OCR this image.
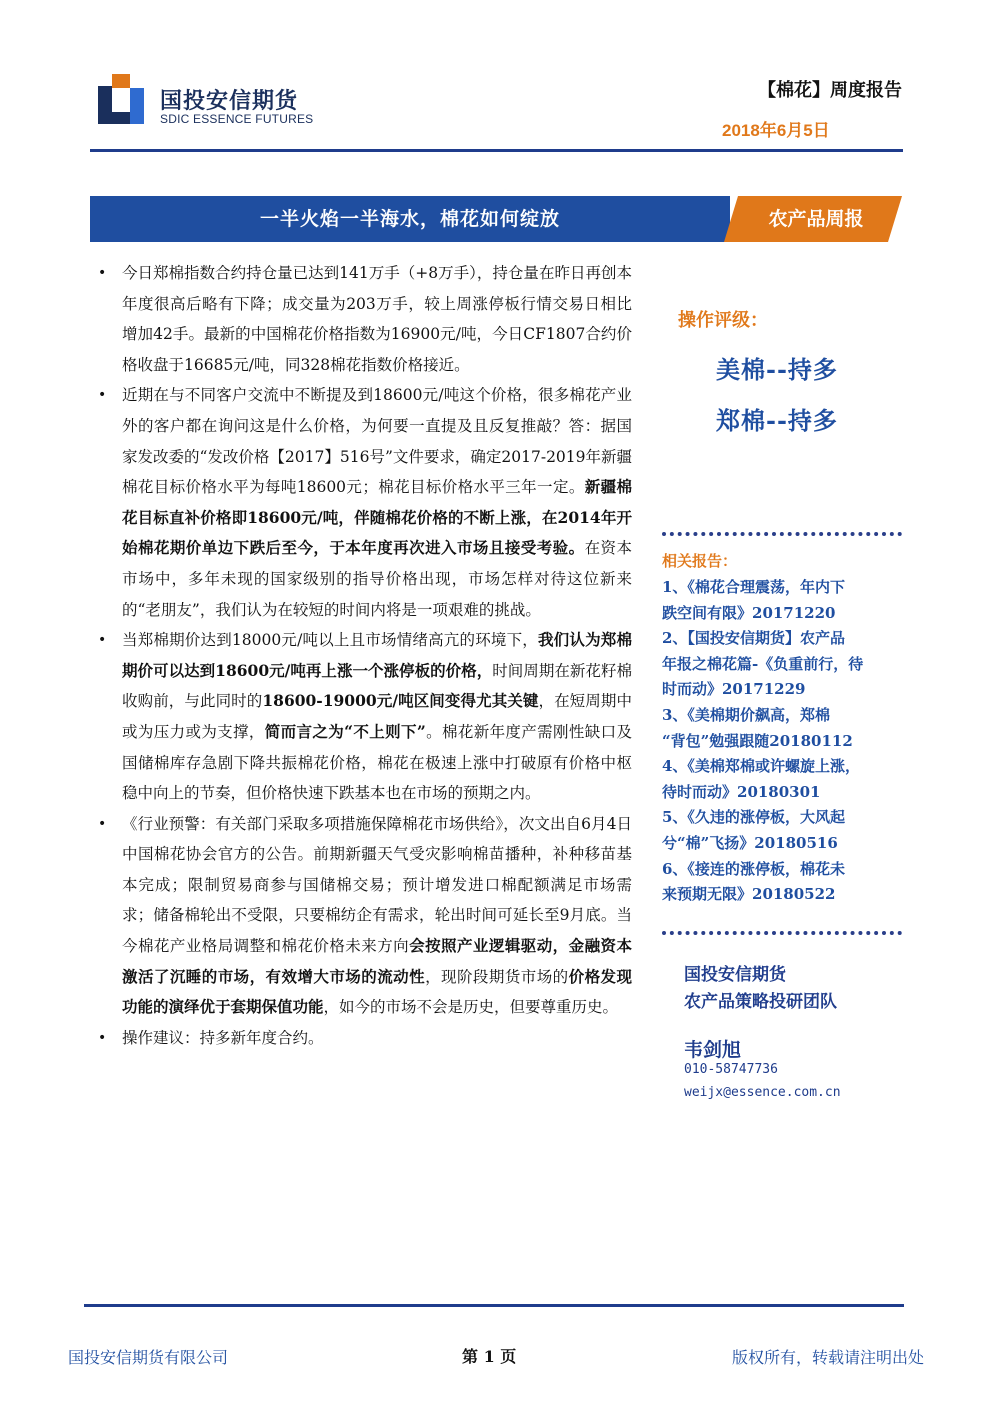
国投安信期货
SDIC ESSENCE FUTURES
【棉花】周度报告
2018年6月5日
一半火焰一半海水，棉花如何绽放	农产品周报
• 今日郑棉指数合约持仓量已达到141万手（+8万手），持仓量在昨日再创本年度很高后略有下降；成交量为203万手，较上周涨停板行情交易日相比增加42手。最新的中国棉花价格指数为16900元/吨，今日CF1807合约价格收盘于16685元/吨，同328棉花指数价格接近。
• 近期在与不同客户交流中不断提及到18600元/吨这个价格，很多棉花产业外的客户都在询问这是什么价格，为何要一直提及且反复推敲？答：据国家发改委的“发改价格【2017】516号”文件要求，确定2017-2019年新疆棉花目标价格水平为每吨18600元；棉花目标价格水平三年一定。新疆棉花目标直补价格即18600元/吨，伴随棉花价格的不断上涨，在2014年开始棉花期价单边下跌后至今，于本年度再次进入市场且接受考验。在资本市场中，多年未现的国家级别的指导价格出现，市场怎样对待这位新来的“老朋友”，我们认为在较短的时间内将是一项艰难的挑战。
• 当郑棉期价达到18000元/吨以上且市场情绪高亢的环境下，我们认为郑棉期价可以达到18600元/吨再上涨一个涨停板的价格，时间周期在新花籽棉收购前，与此同时的18600-19000元/吨区间变得尤其关键，在短周期中或为压力或为支撑，简而言之为“不上则下”。棉花新年度产需刚性缺口及国储棉库存急剧下降共振棉花价格，棉花在极速上涨中打破原有价格中枢稳中向上的节奏，但价格快速下跌基本也在市场的预期之内。
• 《行业预警：有关部门采取多项措施保障棉花市场供给》，次文出自6月4日中国棉花协会官方的公告。前期新疆天气受灾影响棉苗播种，补种移苗基本完成；限制贸易商参与国储棉交易；预计增发进口棉配额满足市场需求；储备棉轮出不受限，只要棉纺企有需求，轮出时间可延长至9月底。当今棉花产业格局调整和棉花价格未来方向会按照产业逻辑驱动，金融资本激活了沉睡的市场，有效增大市场的流动性，现阶段期货市场的价格发现功能的演绎优于套期保值功能，如今的市场不会是历史，但要尊重历史。
• 操作建议：持多新年度合约。
操作评级：
美棉--持多
郑棉--持多
相关报告：
1、《棉花合理震荡，年内下
跌空间有限》20171220
2、【国投安信期货】农产品
年报之棉花篇-《负重前行，待
时而动》20171229
3、《美棉期价飙高，郑棉
“背包”勉强跟随20180112
4、《美棉郑棉或许螺旋上涨，
待时而动》20180301
5、《久违的涨停板，大风起
兮“棉”飞扬》20180516
6、《接连的涨停板，棉花未
来预期无限》20180522
国投安信期货
农产品策略投研团队
韦剑旭
010-58747736
weijx@essence.com.cn
国投安信期货有限公司	第 1 页	版权所有，转载请注明出处
